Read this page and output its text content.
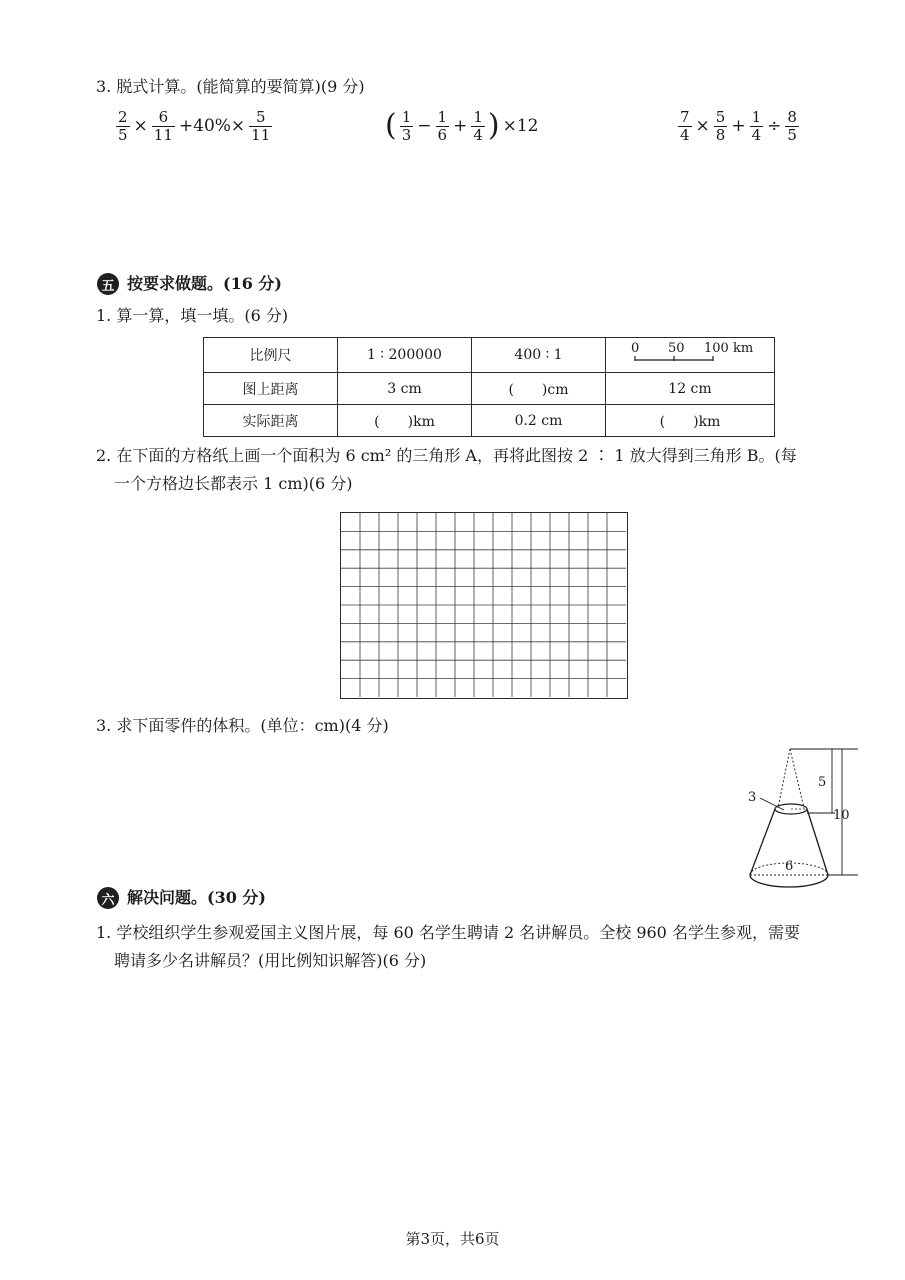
3. 脱式计算。(能简算的要简算)(9 分)
$\frac{2}{5} \times \frac{6}{11} +40\%\times \frac{5}{11}$	( $\frac{1}{3} - \frac{1}{6} + \frac{1}{4}$ ) ×12	$\frac{7}{4} \times \frac{5}{8} + \frac{1}{4} \div \frac{8}{5}$
五 按要求做题。(16 分)
1. 算一算，填一填。(6 分)
比例尺	1 ∶ 200000	400 ∶ 1	0 50 100 km

图上距离	3 cm	(　　)cm	12 cm
实际距离	(　　)km	0.2 cm	(　　)km
2. 在下面的方格纸上画一个面积为 6 cm² 的三角形 A，再将此图按 2 ∶ 1 放大得到三角形 B。(每
一个方格边长都表示 1 cm)(6 分)
3. 求下面零件的体积。(单位：cm)(4 分)
3
5
10
6
六 解决问题。(30 分)
1. 学校组织学生参观爱国主义图片展，每 60 名学生聘请 2 名讲解员。全校 960 名学生参观，需要
聘请多少名讲解员？(用比例知识解答)(6 分)
第3页，共6页
